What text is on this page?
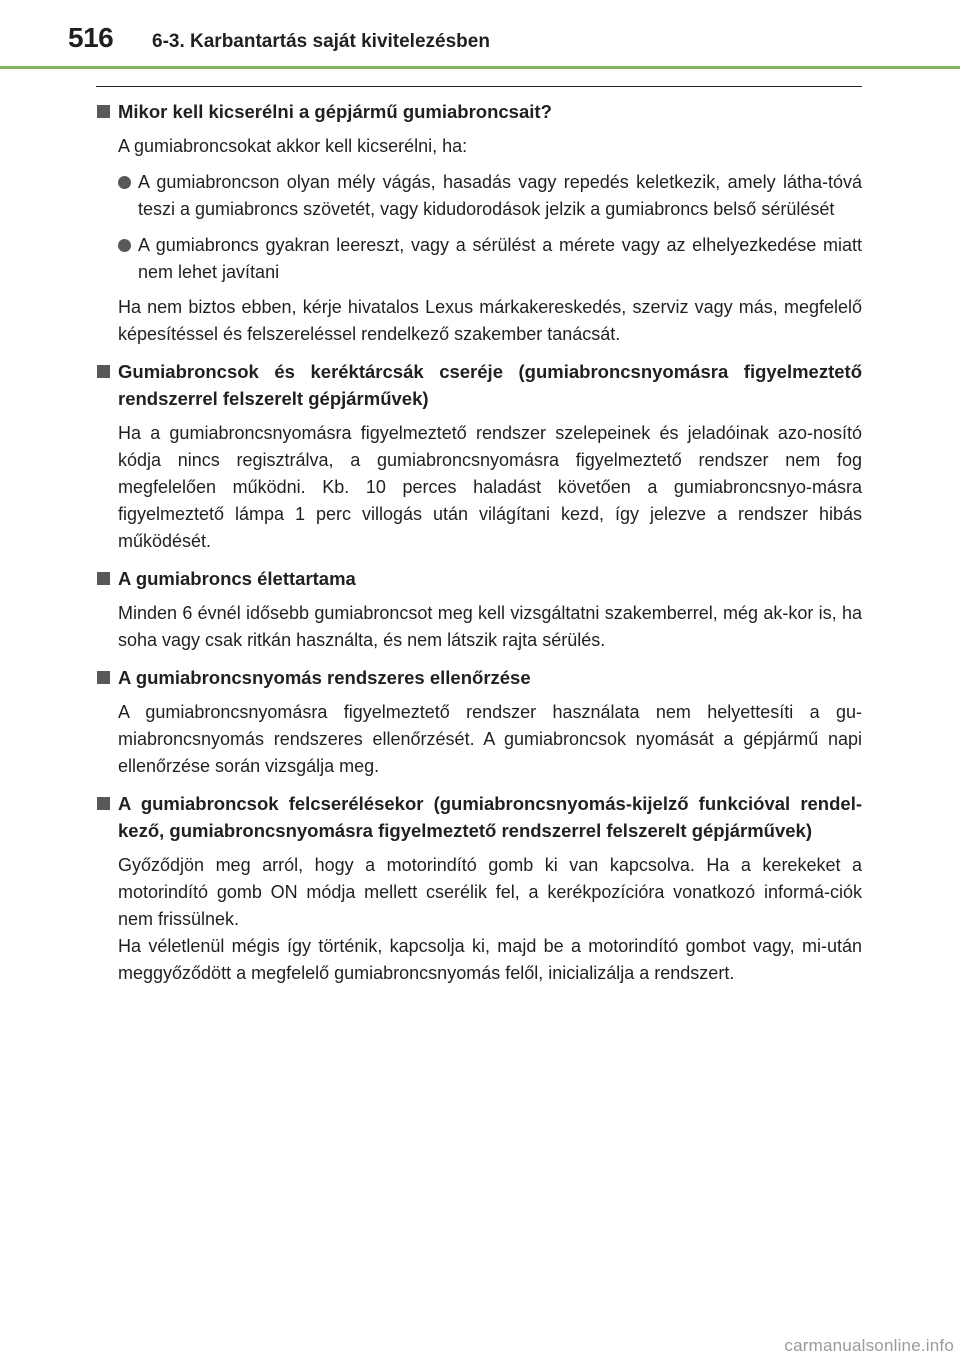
516 6-3. Karbantartás saját kivitelezésben
Mikor kell kicserélni a gépjármű gumiabroncsait?
A gumiabroncsokat akkor kell kicserélni, ha:
A gumiabroncson olyan mély vágás, hasadás vagy repedés keletkezik, amely látha-tóvá teszi a gumiabroncs szövetét, vagy kidudorodások jelzik a gumiabroncs belső sérülését
A gumiabroncs gyakran leereszt, vagy a sérülést a mérete vagy az elhelyezkedése miatt nem lehet javítani
Ha nem biztos ebben, kérje hivatalos Lexus márkakereskedés, szerviz vagy más, megfelelő képesítéssel és felszereléssel rendelkező szakember tanácsát.
Gumiabroncsok és keréktárcsák cseréje (gumiabroncsnyomásra figyelmeztető rendszerrel felszerelt gépjárművek)
Ha a gumiabroncsnyomásra figyelmeztető rendszer szelepeinek és jeladóinak azo-nosító kódja nincs regisztrálva, a gumiabroncsnyomásra figyelmeztető rendszer nem fog megfelelően működni. Kb. 10 perces haladást követően a gumiabroncsnyo-másra figyelmeztető lámpa 1 perc villogás után világítani kezd, így jelezve a rendszer hibás működését.
A gumiabroncs élettartama
Minden 6 évnél idősebb gumiabroncsot meg kell vizsgáltatni szakemberrel, még ak-kor is, ha soha vagy csak ritkán használta, és nem látszik rajta sérülés.
A gumiabroncsnyomás rendszeres ellenőrzése
A gumiabroncsnyomásra figyelmeztető rendszer használata nem helyettesíti a gu-miabroncsnyomás rendszeres ellenőrzését. A gumiabroncsok nyomását a gépjármű napi ellenőrzése során vizsgálja meg.
A gumiabroncsok felcserélésekor (gumiabroncsnyomás-kijelző funkcióval rendel-kező, gumiabroncsnyomásra figyelmeztető rendszerrel felszerelt gépjárművek)
Győződjön meg arról, hogy a motorindító gomb ki van kapcsolva. Ha a kerekeket a motorindító gomb ON módja mellett cserélik fel, a kerékpozícióra vonatkozó informá-ciók nem frissülnek.
Ha véletlenül mégis így történik, kapcsolja ki, majd be a motorindító gombot vagy, mi-után meggyőződött a megfelelő gumiabroncsnyomás felől, inicializálja a rendszert.
carmanualsonline.info
